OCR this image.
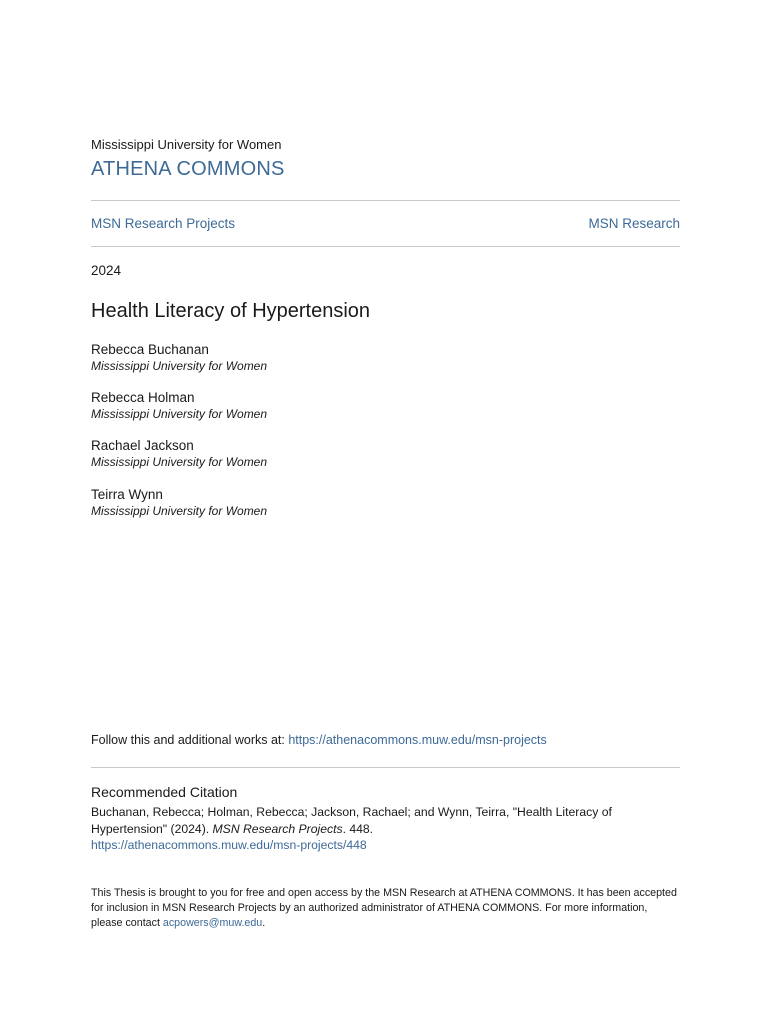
Mississippi University for Women
ATHENA COMMONS
MSN Research Projects	MSN Research
2024
Health Literacy of Hypertension
Rebecca Buchanan
Mississippi University for Women
Rebecca Holman
Mississippi University for Women
Rachael Jackson
Mississippi University for Women
Teirra Wynn
Mississippi University for Women
Follow this and additional works at: https://athenacommons.muw.edu/msn-projects
Recommended Citation
Buchanan, Rebecca; Holman, Rebecca; Jackson, Rachael; and Wynn, Teirra, "Health Literacy of Hypertension" (2024). MSN Research Projects. 448.
https://athenacommons.muw.edu/msn-projects/448
This Thesis is brought to you for free and open access by the MSN Research at ATHENA COMMONS. It has been accepted for inclusion in MSN Research Projects by an authorized administrator of ATHENA COMMONS. For more information, please contact acpowers@muw.edu.
